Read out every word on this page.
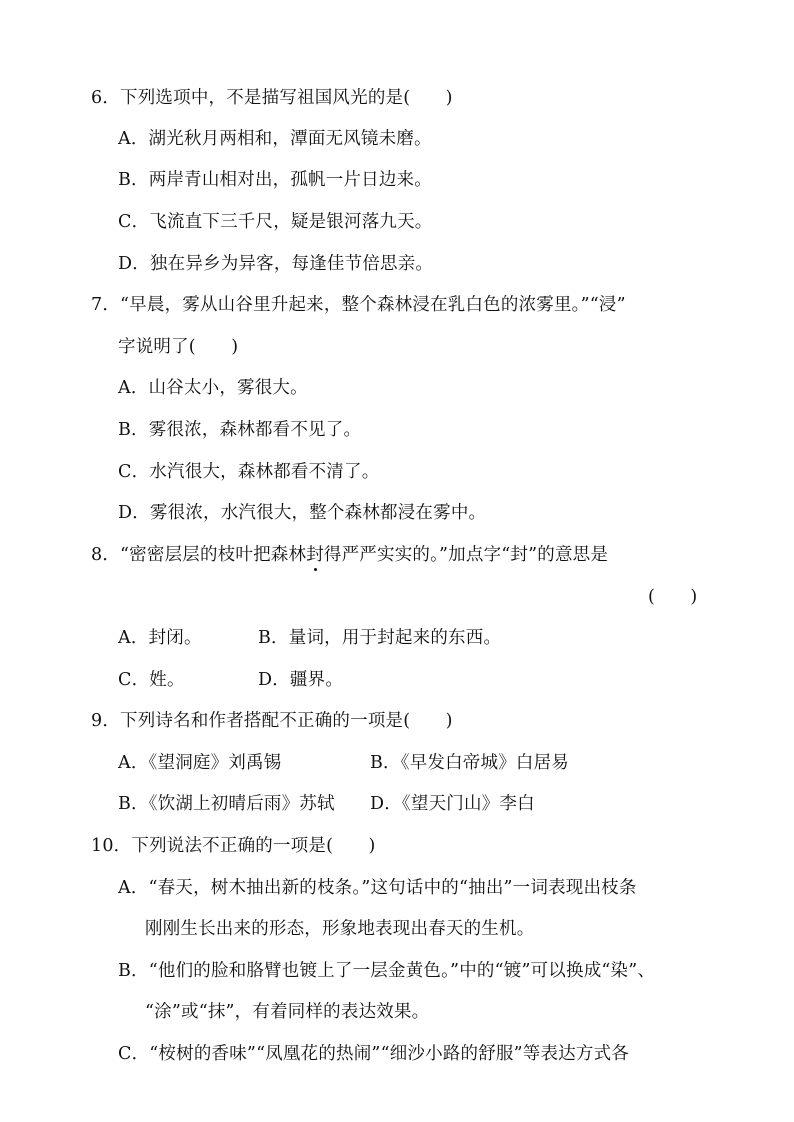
6．下列选项中，不是描写祖国风光的是(　　)
A．湖光秋月两相和，潭面无风镜未磨。
B．两岸青山相对出，孤帆一片日边来。
C．飞流直下三千尺，疑是银河落九天。
D．独在异乡为异客，每逢佳节倍思亲。
7．“早晨，雾从山谷里升起来，整个森林浸在乳白色的浓雾里。”“浸”
字说明了(　　)
A．山谷太小，雾很大。
B．雾很浓，森林都看不见了。
C．水汽很大，森林都看不清了。
D．雾很浓，水汽很大，整个森林都浸在雾中。
8．“密密层层的枝叶把森林封得严严实实的。”加点字“封”的意思是
(　　)
A．封闭。	B．量词，用于封起来的东西。
C．姓。	D．疆界。
9．下列诗名和作者搭配不正确的一项是(　　)
A．《望洞庭》刘禹锡	B．《早发白帝城》白居易
B．《饮湖上初晴后雨》苏轼 D．《望天门山》李白
10．下列说法不正确的一项是(　　)
A．“春天，树木抽出新的枝条。”这句话中的“抽出”一词表现出枝条
刚刚生长出来的形态，形象地表现出春天的生机。
B．“他们的脸和胳臂也镀上了一层金黄色。”中的“镀”可以换成“染”、
“涂”或“抹”，有着同样的表达效果。
C．“桉树的香味”“凤凰花的热闹”“细沙小路的舒服”等表达方式各
